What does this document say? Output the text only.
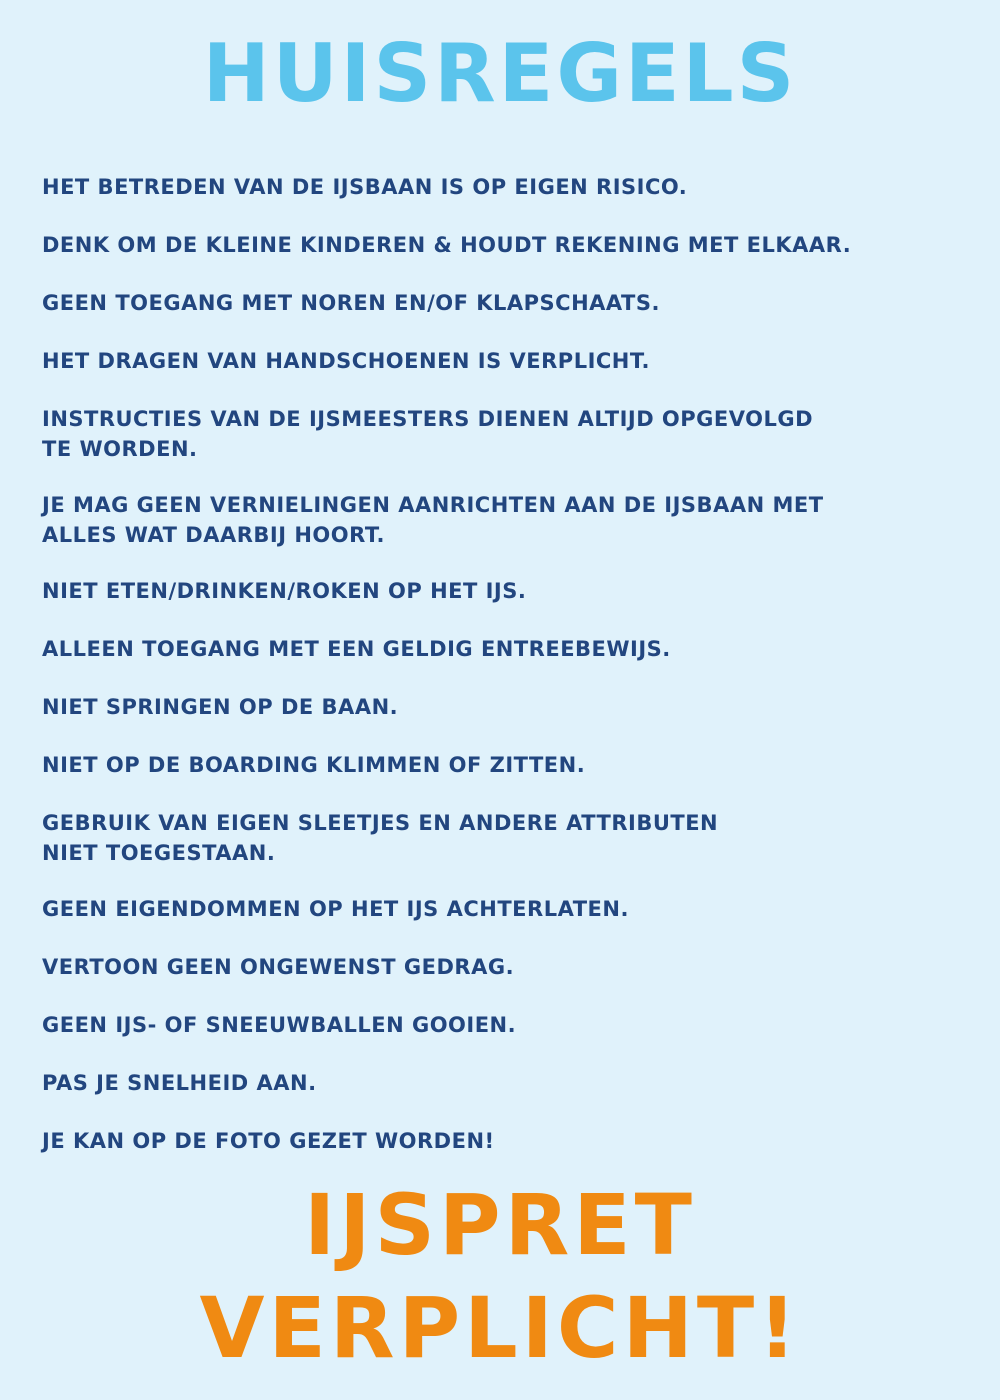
HUISREGELS
HET BETREDEN VAN DE IJSBAAN IS OP EIGEN RISICO.
DENK OM DE KLEINE KINDEREN & HOUDT REKENING MET ELKAAR.
GEEN TOEGANG MET NOREN EN/OF KLAPSCHAATS.
HET DRAGEN VAN HANDSCHOENEN IS VERPLICHT.
INSTRUCTIES VAN DE IJSMEESTERS DIENEN ALTIJD OPGEVOLGD
TE WORDEN.
JE MAG GEEN VERNIELINGEN AANRICHTEN AAN DE IJSBAAN MET
ALLES WAT DAARBIJ HOORT.
NIET ETEN/DRINKEN/ROKEN OP HET IJS.
ALLEEN TOEGANG MET EEN GELDIG ENTREEBEWIJS.
NIET SPRINGEN OP DE BAAN.
NIET OP DE BOARDING KLIMMEN OF ZITTEN.
GEBRUIK VAN EIGEN SLEETJES EN ANDERE ATTRIBUTEN
NIET TOEGESTAAN.
GEEN EIGENDOMMEN OP HET IJS ACHTERLATEN.
VERTOON GEEN ONGEWENST GEDRAG.
GEEN IJS- OF SNEEUWBALLEN GOOIEN.
PAS JE SNELHEID AAN.
JE KAN OP DE FOTO GEZET WORDEN!
IJSPRET
VERPLICHT!
